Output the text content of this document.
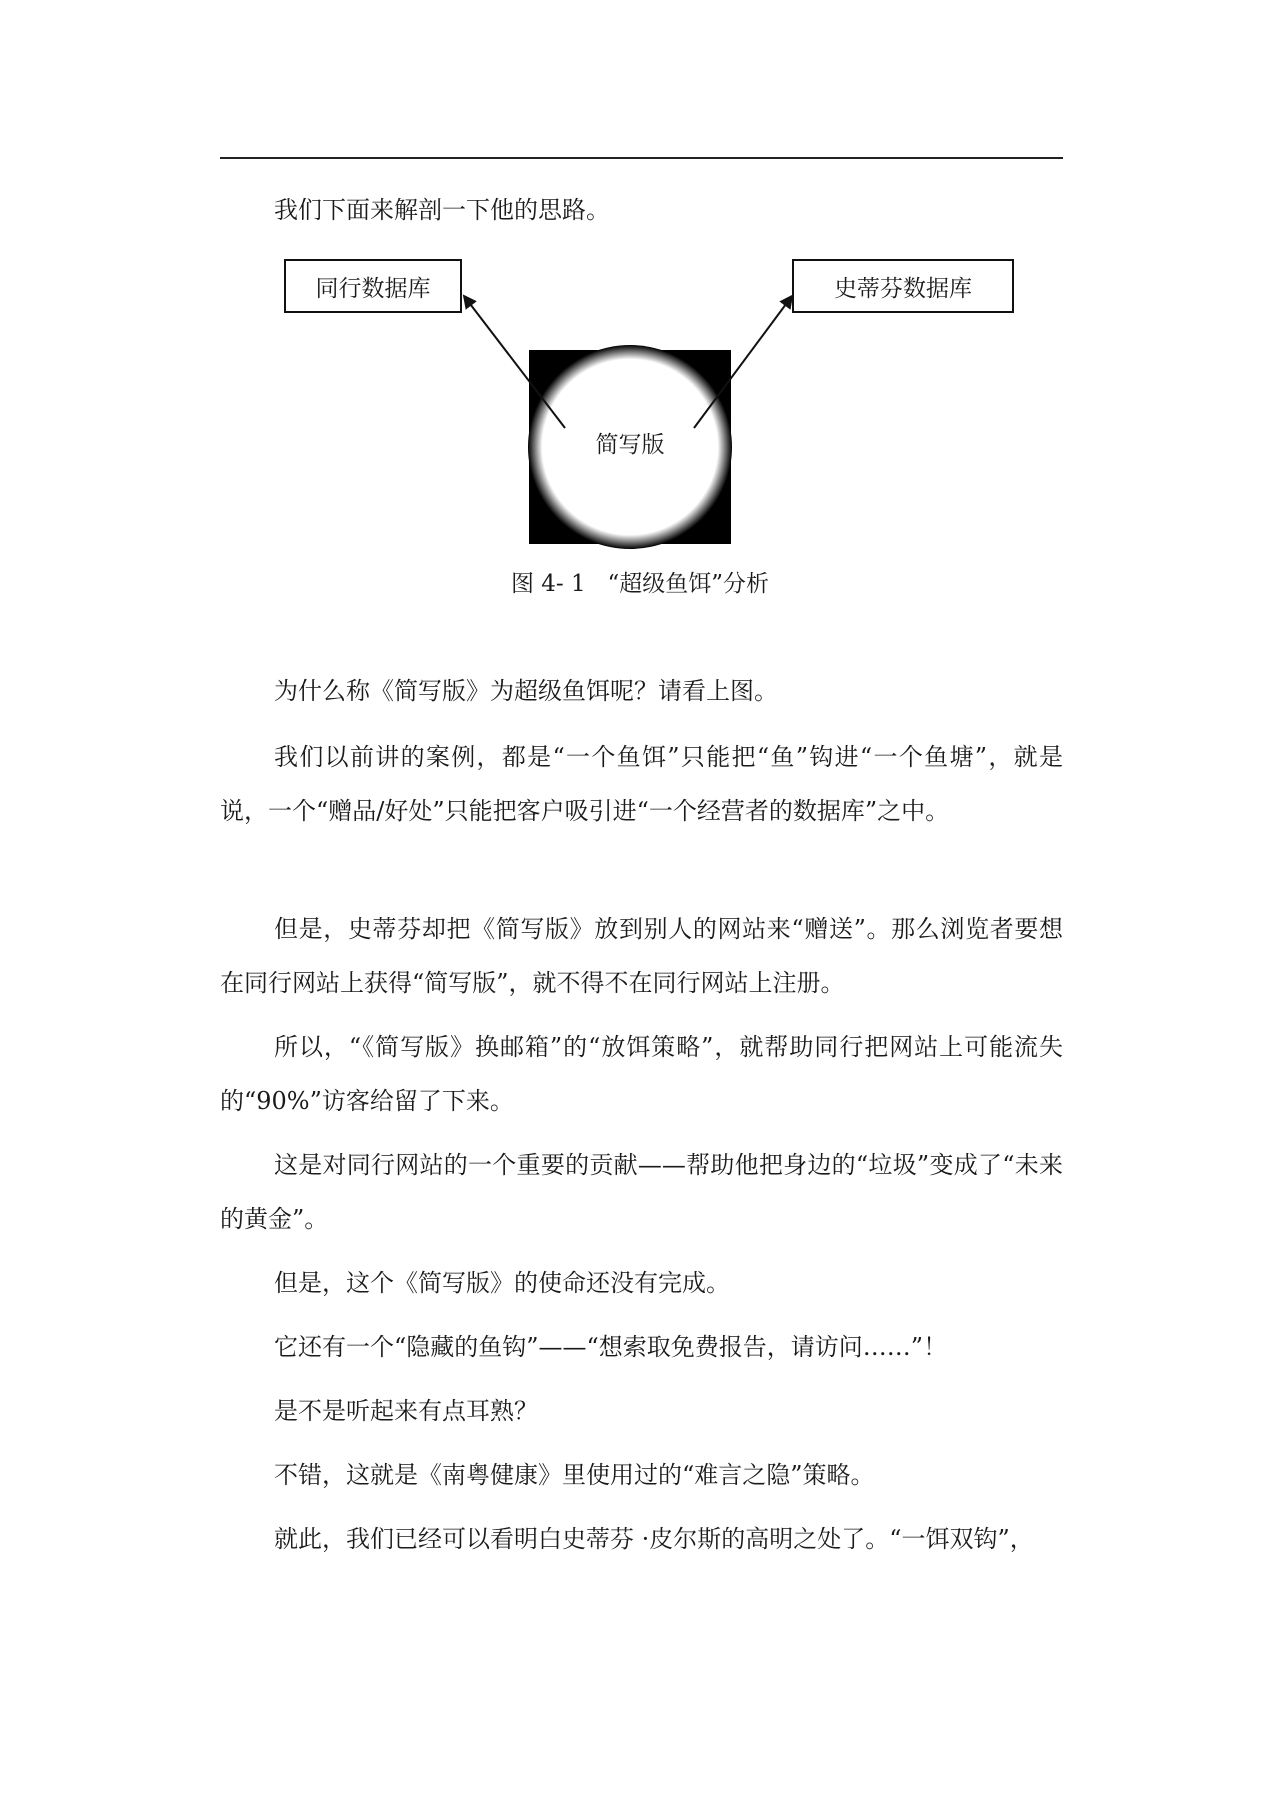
我们下面来解剖一下他的思路。

同行数据库	史蒂芬数据库
简写版
图 4- 1   “超级鱼饵”分析

为什么称《简写版》为超级鱼饵呢？请看上图。

我们以前讲的案例，都是“一个鱼饵”只能把“鱼”钩进“一个鱼塘”，就是说，一个“赠品/好处”只能把客户吸引进“一个经营者的数据库”之中。

但是，史蒂芬却把《简写版》放到别人的网站来“赠送”。那么浏览者要想在同行网站上获得“简写版”，就不得不在同行网站上注册。

所以，“《简写版》换邮箱”的“放饵策略”，就帮助同行把网站上可能流失的“90%”访客给留了下来。

这是对同行网站的一个重要的贡献——帮助他把身边的“垃圾”变成了“未来的黄金”。

但是，这个《简写版》的使命还没有完成。

它还有一个“隐藏的鱼钩”——“想索取免费报告，请访问……”！

是不是听起来有点耳熟？

不错，这就是《南粤健康》里使用过的“难言之隐”策略。

就此，我们已经可以看明白史蒂芬 ·皮尔斯的高明之处了。“一饵双钩”，
